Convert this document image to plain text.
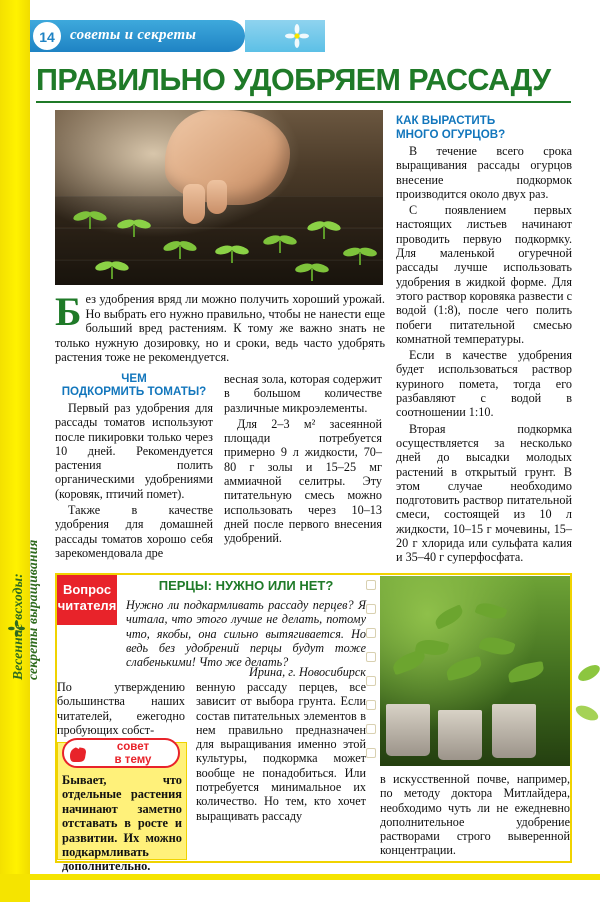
Весенние всходы:
секреты выращивания
14	советы и секреты
ПРАВИЛЬНО УДОБРЯЕМ РАССАДУ
Б ез удобрения вряд ли можно получить хороший урожай. Но выбрать его нужно правильно, чтобы не нанести еще больший вред растениям. К тому же важно знать не только нужную дозировку, но и сроки, ведь часто удобрять растения тоже не рекомендуется.
ЧЕМ
ПОДКОРМИТЬ ТОМАТЫ?

Первый раз удобрения для рассады томатов используют после пикировки только через 10 дней. Рекомендуется растения полить органическими удобрениями (коровяк, птичий помет).

Также в качестве удобрения для домашней рассады томатов хорошо себя зарекомендовала дре

весная зола, которая содержит в большом количестве различные микроэлементы.

Для 2–3 м² засеянной площади потребуется примерно 9 л жидкости, 70–80 г золы и 15–25 мг аммиачной селитры. Эту питательную смесь можно использовать через 10–13 дней после первого внесения удобрений.

КАК ВЫРАСТИТЬ
МНОГО ОГУРЦОВ?

В течение всего срока выращивания рассады огурцов внесение подкормок производится около двух раз.

С появлением первых настоящих листьев начинают проводить первую подкормку. Для маленькой огуречной рассады лучше использовать удобрения в жидкой форме. Для этого раствор коровяка развести с водой (1:8), после чего полить побеги питательной смесью комнатной температуры.

Если в качестве удобрения будет использоваться раствор куриного помета, тогда его разбавляют с водой в соотношении 1:10.

Вторая подкормка осуществляется за несколько дней до высадки молодых растений в открытый грунт. В этом случае необходимо подготовить раствор питательной смеси, состоящей из 10 л жидкости, 10–15 г мочевины, 15–20 г хлорида или сульфата калия и 35–40 г суперфосфата.

Вопрос
читателя
ПЕРЦЫ: НУЖНО ИЛИ НЕТ?
Нужно ли подкармливать рассаду перцев? Я читала, что этого лучше не делать, потому что, якобы, она сильно вытягивается. Но ведь без удобрений перцы будут тоже слабенькими! Что же делать?
Ирина, г. Новосибирск
По утверждению большинства наших читателей, ежегодно пробующих собст-
венную рассаду перцев, все зависит от выбора грунта. Если состав питательных элементов в нем правильно предназначен для выращивания именно этой культуры, подкормка может вообще не понадобиться. Или потребуется минимальное их количество. Но тем, кто хочет выращивать рассаду
совет
в тему
Бывает, что отдельные растения начинают заметно отставать в росте и развитии. Их можно подкармливать дополнительно.
в искусственной почве, например, по методу доктора Митлайдера, необходимо чуть ли не ежедневно дополнительное удобрение растворами строго выверенной концентрации.
